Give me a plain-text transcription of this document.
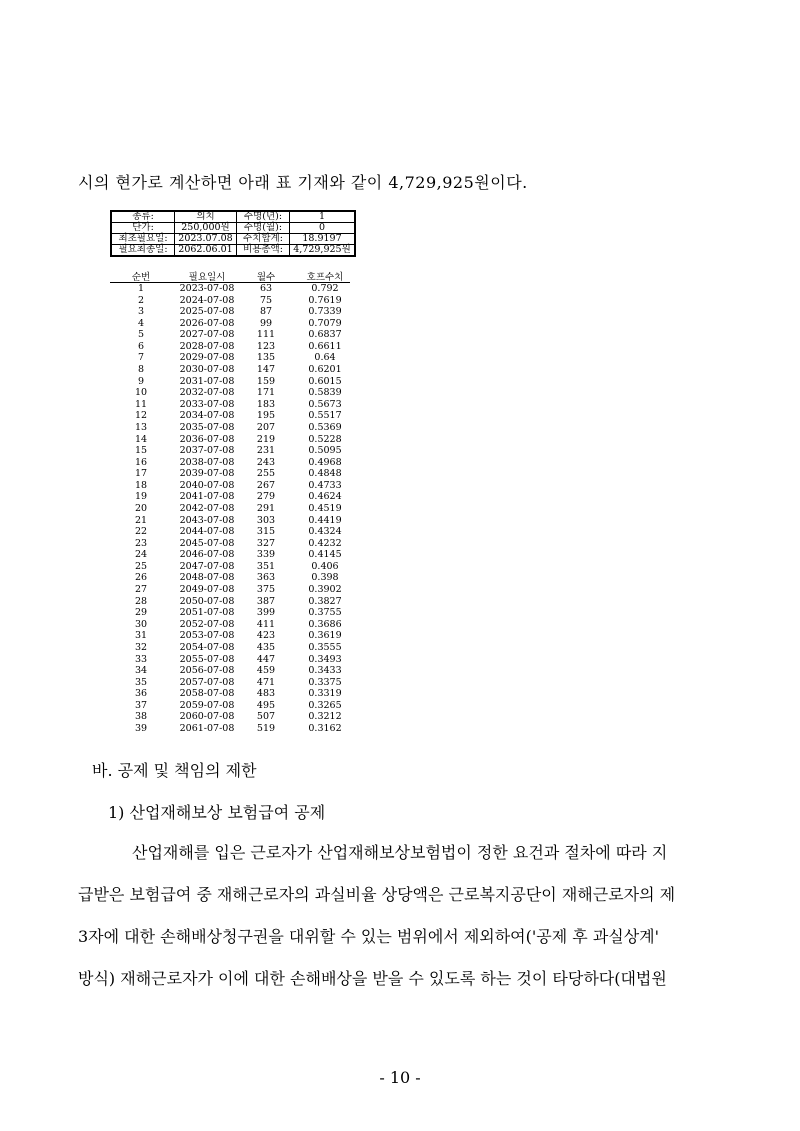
시의 현가로 계산하면 아래 표 기재와 같이 4,729,925원이다.
종류:	의치	수명(년):	1
단가:	250,000원	수명(월):	0
최초필요일:	2023.07.08	수치합계:	18.9197
필요최종일:	2062.06.01	비용총액:	4,729,925원
순번	필요일시	월수	호프수치
1	2023-07-08	63	0.792
2	2024-07-08	75	0.7619
3	2025-07-08	87	0.7339
4	2026-07-08	99	0.7079
5	2027-07-08	111	0.6837
6	2028-07-08	123	0.6611
7	2029-07-08	135	0.64
8	2030-07-08	147	0.6201
9	2031-07-08	159	0.6015
10	2032-07-08	171	0.5839
11	2033-07-08	183	0.5673
12	2034-07-08	195	0.5517
13	2035-07-08	207	0.5369
14	2036-07-08	219	0.5228
15	2037-07-08	231	0.5095
16	2038-07-08	243	0.4968
17	2039-07-08	255	0.4848
18	2040-07-08	267	0.4733
19	2041-07-08	279	0.4624
20	2042-07-08	291	0.4519
21	2043-07-08	303	0.4419
22	2044-07-08	315	0.4324
23	2045-07-08	327	0.4232
24	2046-07-08	339	0.4145
25	2047-07-08	351	0.406
26	2048-07-08	363	0.398
27	2049-07-08	375	0.3902
28	2050-07-08	387	0.3827
29	2051-07-08	399	0.3755
30	2052-07-08	411	0.3686
31	2053-07-08	423	0.3619
32	2054-07-08	435	0.3555
33	2055-07-08	447	0.3493
34	2056-07-08	459	0.3433
35	2057-07-08	471	0.3375
36	2058-07-08	483	0.3319
37	2059-07-08	495	0.3265
38	2060-07-08	507	0.3212
39	2061-07-08	519	0.3162
바. 공제 및 책임의 제한
1) 산업재해보상 보험급여 공제
산업재해를 입은 근로자가 산업재해보상보험법이 정한 요건과 절차에 따라 지
급받은 보험급여 중 재해근로자의 과실비율 상당액은 근로복지공단이 재해근로자의 제
3자에 대한 손해배상청구권을 대위할 수 있는 범위에서 제외하여('공제 후 과실상계'
방식) 재해근로자가 이에 대한 손해배상을 받을 수 있도록 하는 것이 타당하다(대법원
- 10 -
